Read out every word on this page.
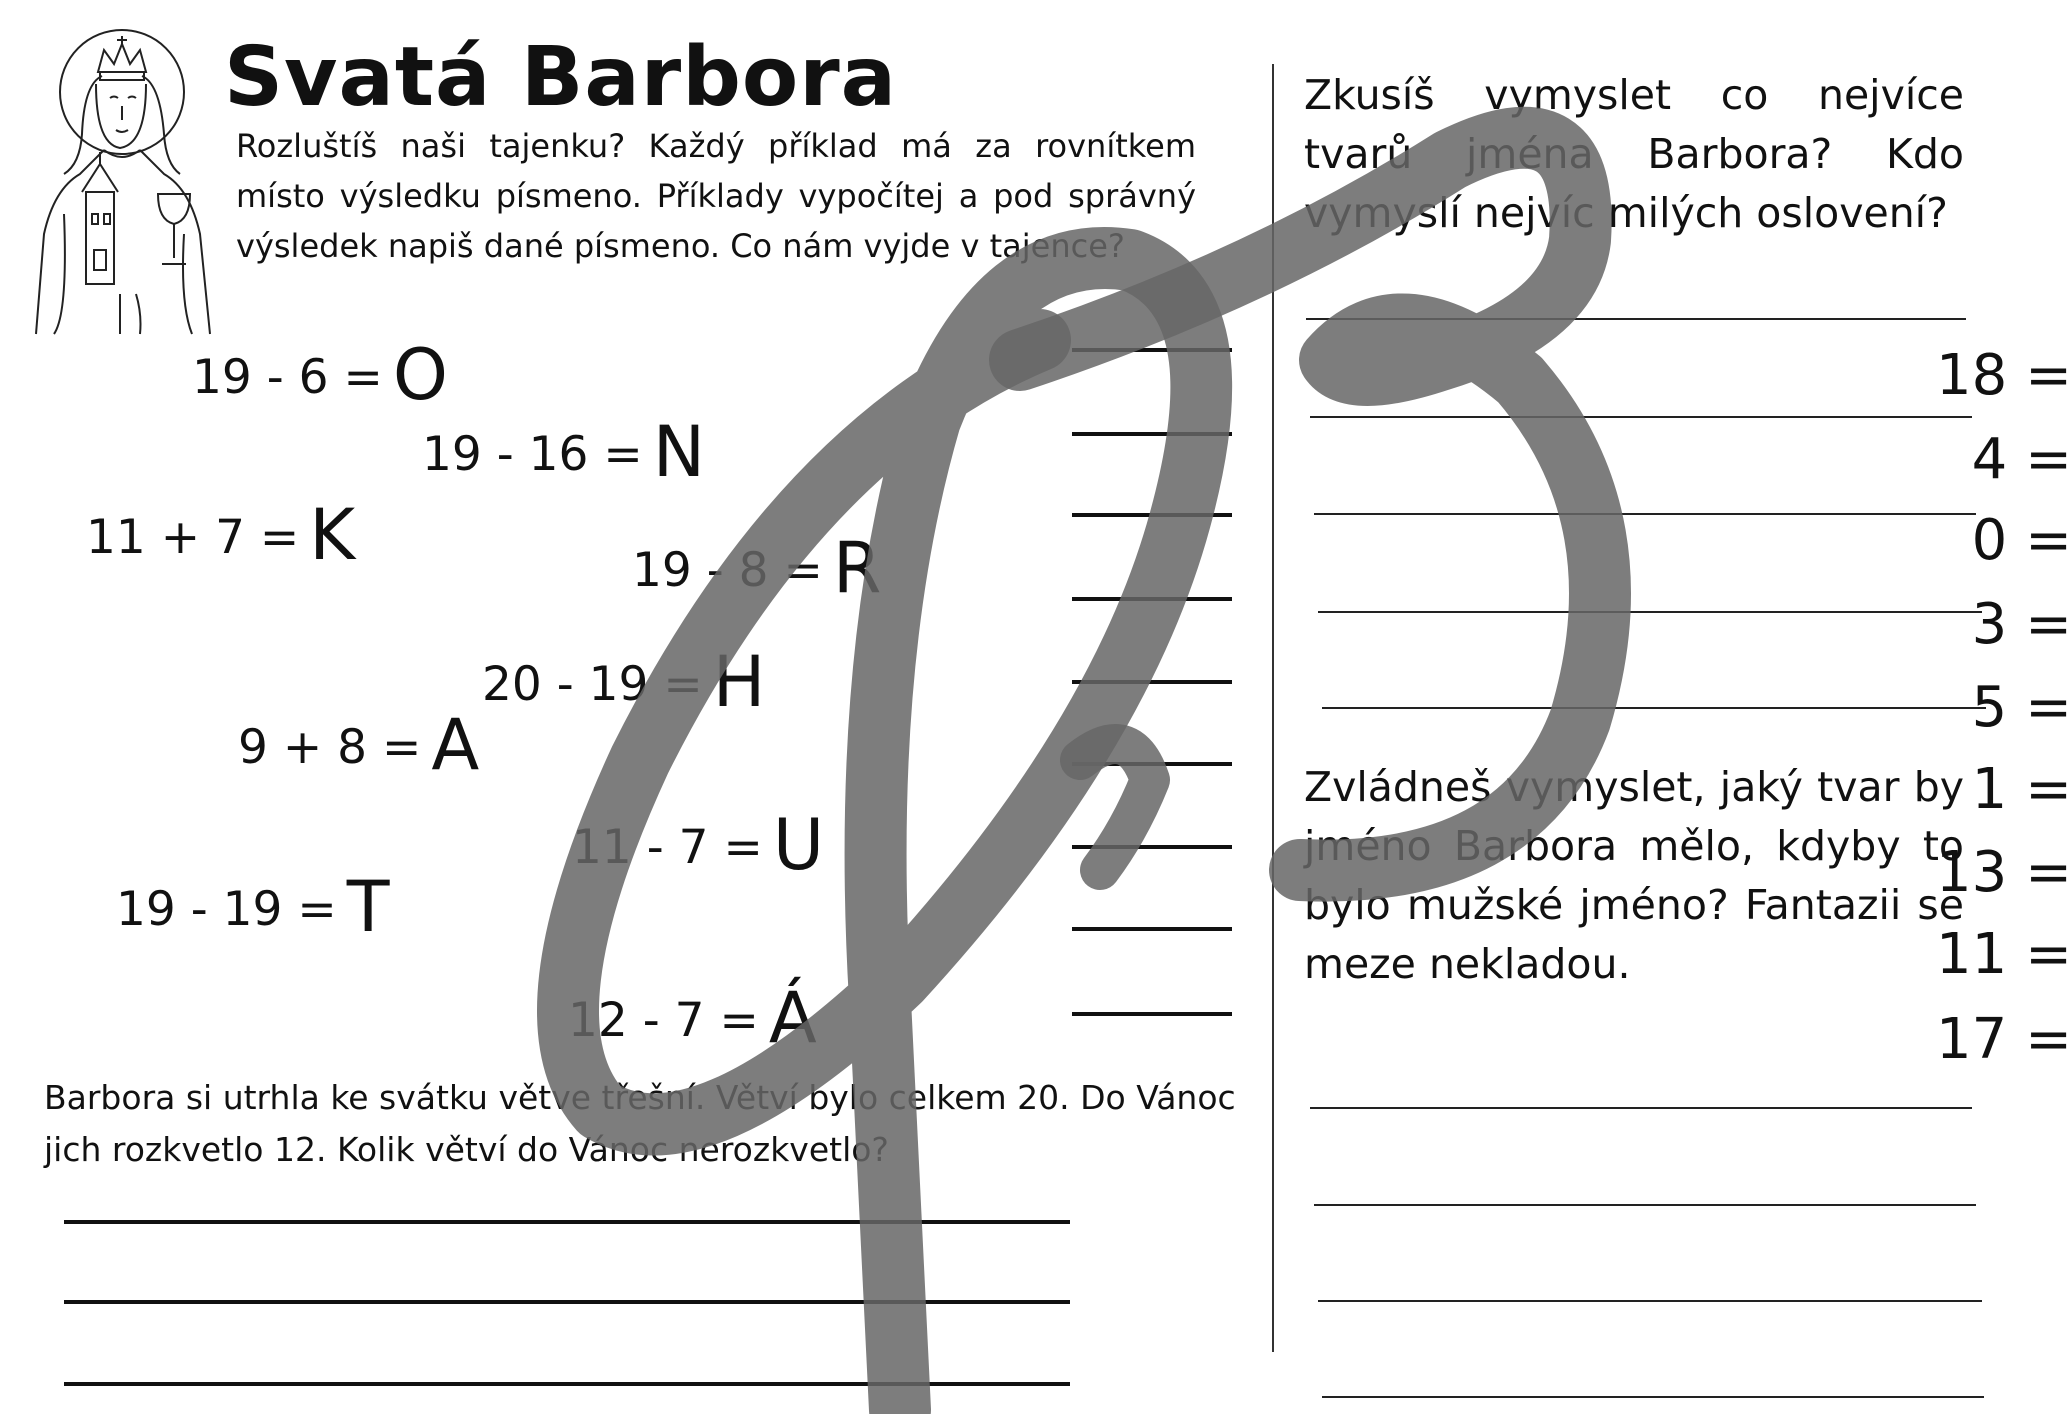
Svatá Barbora
Rozluštíš naši tajenku? Každý příklad má za rovnítkem místo výsledku písmeno. Příklady vypočítej a pod správný výsledek napiš dané písmeno. Co nám vyjde v tajence?
19 - 6 = O
19 - 16 = N
11 + 7 = K	19 - 8 = R
20 - 19 = H
9 + 8 = A
11 - 7 = U
19 - 19 = T
12 - 7 = Á
18 =
4 =
0 =
3 =
5 =
1 =
13 =
11 =
17 =
Barbora si utrhla ke svátku větve třešní. Větví bylo celkem 20. Do Vánoc jich rozkvetlo 12. Kolik větví do Vánoc nerozkvetlo?
Zkusíš vymyslet co nejvíce tvarů jména Barbora? Kdo vymyslí nejvíc milých oslovení?
Zvládneš vymyslet, jaký tvar by jméno Barbora mělo, kdyby to bylo mužské jméno? Fantazii se meze nekladou.
